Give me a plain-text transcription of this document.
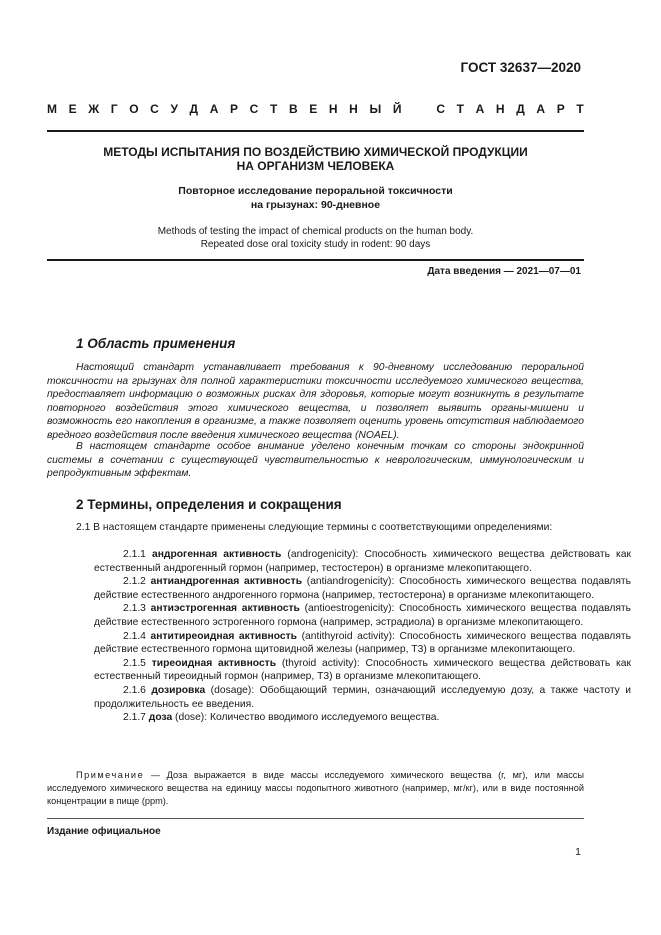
ГОСТ 32637—2020
М Е Ж Г О С У Д А Р С Т В Е Н Н Ы Й	С Т А Н Д А Р Т
МЕТОДЫ ИСПЫТАНИЯ ПО ВОЗДЕЙСТВИЮ ХИМИЧЕСКОЙ ПРОДУКЦИИ
НА ОРГАНИЗМ ЧЕЛОВЕКА
Повторное исследование пероральной токсичности
на грызунах: 90-дневное
Methods of testing the impact of chemical products on the human body.
Repeated dose oral toxicity study in rodent: 90 days
Дата введения — 2021—07—01
1 Область применения
Настоящий стандарт устанавливает требования к 90-дневному исследованию пероральной токсичности на грызунах для полной характеристики токсичности исследуемого химического вещества, предоставляет информацию о возможных рисках для здоровья, которые могут возникнуть в результате повторного воздействия этого химического вещества, и позволяет выявить органы-мишени и возможность его накопления в организме, а также позволяет оценить уровень отсутствия наблюдаемого вредного воздействия после введения химического вещества (NOAEL).
В настоящем стандарте особое внимание уделено конечным точкам со стороны эндокринной системы в сочетании с существующей чувствительностью к неврологическим, иммунологическим и репродуктивным эффектам.
2 Термины, определения и сокращения
2.1 В настоящем стандарте применены следующие термины с соответствующими определениями:
2.1.1 андрогенная активность (androgenicity): Способность химического вещества действовать как естественный андрогенный гормон (например, тестостерон) в организме млекопитающего.
2.1.2 антиандрогенная активность (antiandrogenicity): Способность химического вещества подавлять действие естественного андрогенного гормона (например, тестостерона) в организме млекопитающего.
2.1.3 антиэстрогенная активность (antioestrogenicity): Способность химического вещества подавлять действие естественного эстрогенного гормона (например, эстрадиола) в организме млекопитающего.
2.1.4 антитиреоидная активность (antithyroid activity): Способность химического вещества подавлять действие естественного гормона щитовидной железы (например, Т3) в организме млекопитающего.
2.1.5 тиреоидная активность (thyroid activity): Способность химического вещества действовать как естественный тиреоидный гормон (например, Т3) в организме млекопитающего.
2.1.6 дозировка (dosage): Обобщающий термин, означающий исследуемую дозу, а также частоту и продолжительность ее введения.
2.1.7 доза (dose): Количество вводимого исследуемого вещества.
Примечание — Доза выражается в виде массы исследуемого химического вещества (г, мг), или массы исследуемого химического вещества на единицу массы подопытного животного (например, мг/кг), или в виде постоянной концентрации в пище (ppm).
Издание официальное
1
